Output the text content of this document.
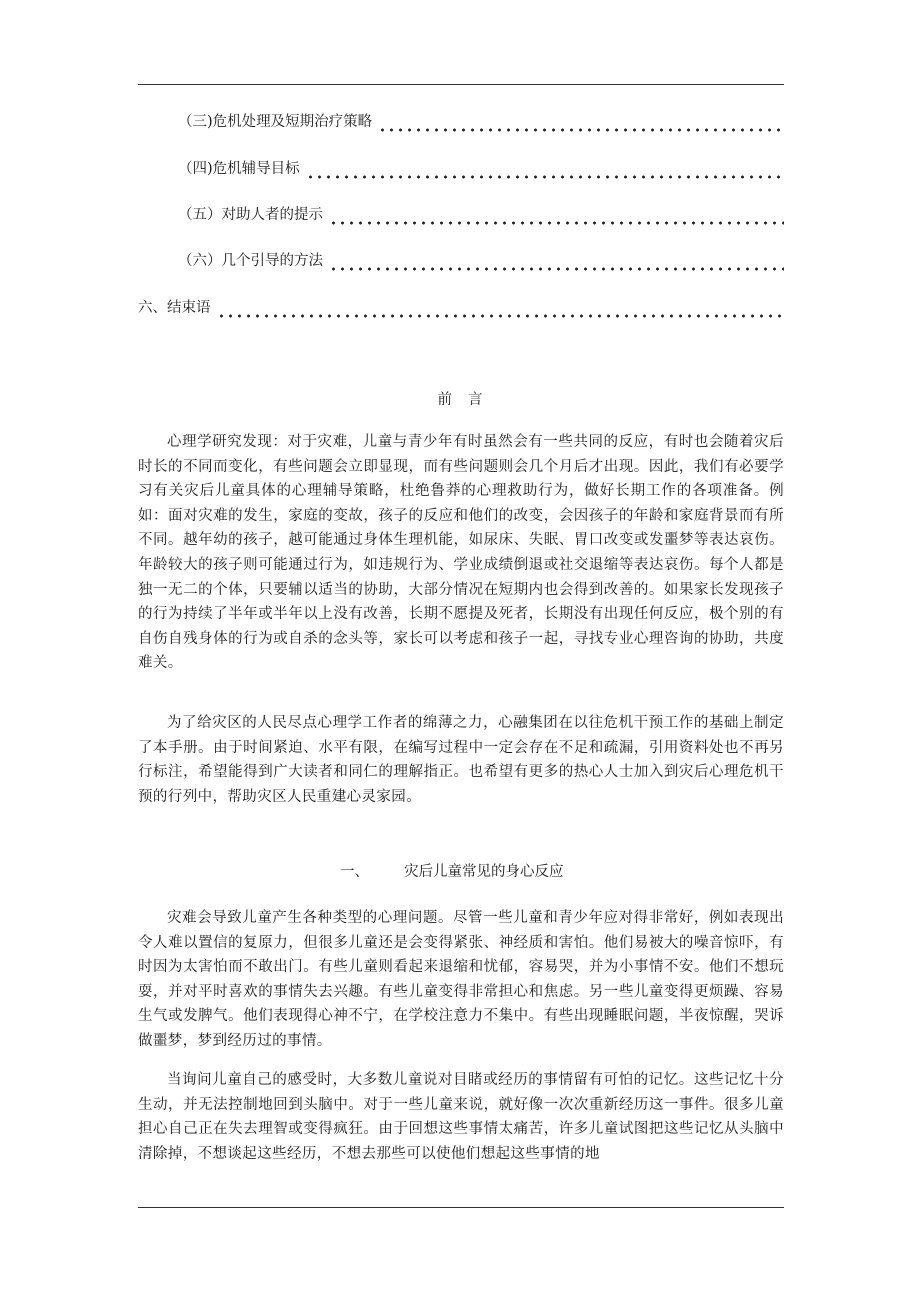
（三)危机处理及短期治疗策略
（四)危机辅导目标
（五）对助人者的提示
（六）几个引导的方法
六、结束语
前 言

心理学研究发现：对于灾难，儿童与青少年有时虽然会有一些共同的反应，有时也会随着灾后时长的不同而变化，有些问题会立即显现，而有些问题则会几个月后才出现。因此，我们有必要学习有关灾后儿童具体的心理辅导策略，杜绝鲁莽的心理救助行为，做好长期工作的各项准备。例如：面对灾难的发生，家庭的变故，孩子的反应和他们的改变，会因孩子的年龄和家庭背景而有所不同。越年幼的孩子，越可能通过身体生理机能，如尿床、失眠、胃口改变或发噩梦等表达哀伤。年龄较大的孩子则可能通过行为，如违规行为、学业成绩倒退或社交退缩等表达哀伤。每个人都是独一无二的个体，只要辅以适当的协助，大部分情况在短期内也会得到改善的。如果家长发现孩子的行为持续了半年或半年以上没有改善，长期不愿提及死者，长期没有出现任何反应，极个别的有自伤自残身体的行为或自杀的念头等，家长可以考虑和孩子一起，寻找专业心理咨询的协助，共度难关。

为了给灾区的人民尽点心理学工作者的绵薄之力，心融集团在以往危机干预工作的基础上制定了本手册。由于时间紧迫、水平有限，在编写过程中一定会存在不足和疏漏，引用资料处也不再另行标注，希望能得到广大读者和同仁的理解指正。也希望有更多的热心人士加入到灾后心理危机干预的行列中，帮助灾区人民重建心灵家园。

一、 灾后儿童常见的身心反应

灾难会导致儿童产生各种类型的心理问题。尽管一些儿童和青少年应对得非常好，例如表现出令人难以置信的复原力，但很多儿童还是会变得紧张、神经质和害怕。他们易被大的噪音惊吓，有时因为太害怕而不敢出门。有些儿童则看起来退缩和忧郁，容易哭，并为小事情不安。他们不想玩耍，并对平时喜欢的事情失去兴趣。有些儿童变得非常担心和焦虑。另一些儿童变得更烦躁、容易生气或发脾气。他们表现得心神不宁，在学校注意力不集中。有些出现睡眠问题，半夜惊醒，哭诉做噩梦，梦到经历过的事情。

当询问儿童自己的感受时，大多数儿童说对目睹或经历的事情留有可怕的记忆。这些记忆十分生动，并无法控制地回到头脑中。对于一些儿童来说，就好像一次次重新经历这一事件。很多儿童担心自己正在失去理智或变得疯狂。由于回想这些事情太痛苦，许多儿童试图把这些记忆从头脑中清除掉，不想谈起这些经历，不想去那些可以使他们想起这些事情的地
